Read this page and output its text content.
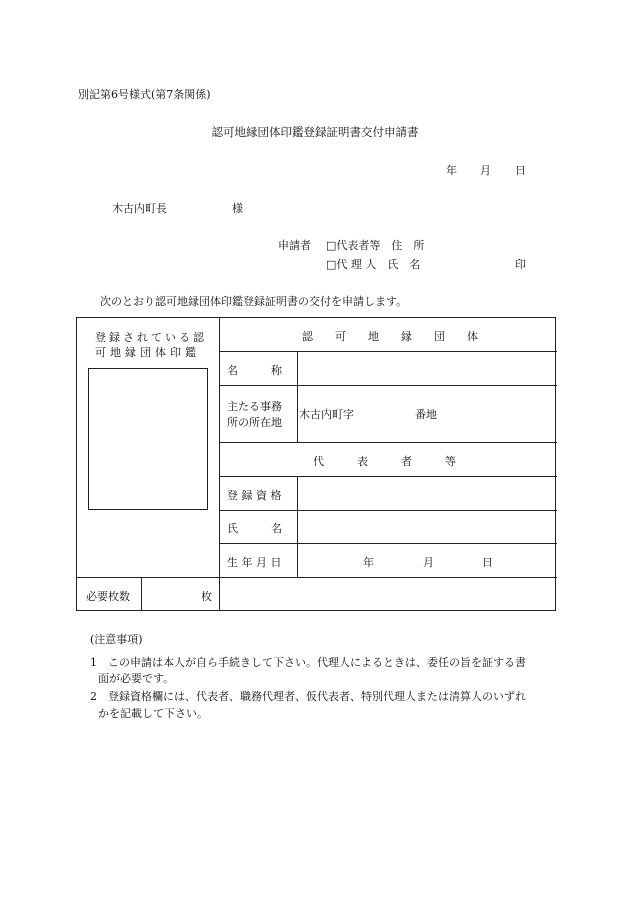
別記第6号様式(第7条関係)
認可地縁団体印鑑登録証明書交付申請書
年 月 日
木古内町長	様
申請者 □代表者等　住　所
□代 理 人　氏　名	印
次のとおり認可地縁団体印鑑登録証明書の交付を申請します。
登録されている認
可地縁団体印鑑
認　　可　　地　　縁　　団　　体
名　　　称
主たる事務
所の所在地
木古内町字	番地
代　　　表　　　者　　　等
登 録 資 格
氏　　　名
生 年 月 日	年	月	日
必要枚数	枚
(注意事項)
1　この申請は本人が自ら手続きして下さい。代理人によるときは、委任の旨を証する書
面が必要です。
2　登録資格欄には、代表者、職務代理者、仮代表者、特別代理人または清算人のいずれ
かを記載して下さい。
